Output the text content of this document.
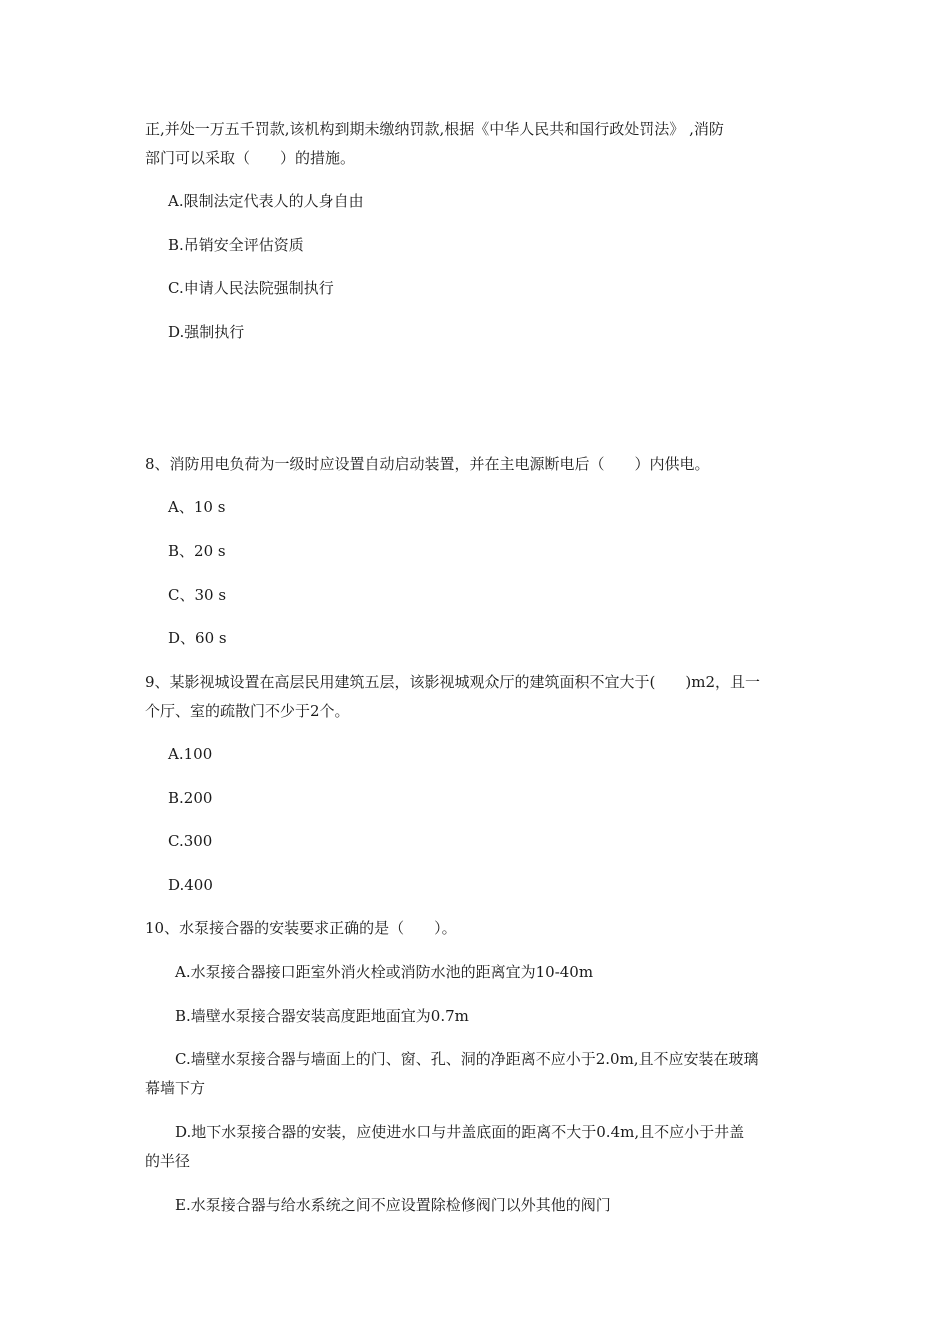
正,并处一万五千罚款,该机构到期未缴纳罚款,根据《中华人民共和国行政处罚法》 ,消防
部门可以采取（　　）的措施。
A.限制法定代表人的人身自由
B.吊销安全评估资质
C.申请人民法院强制执行
D.强制执行
8、消防用电负荷为一级时应设置自动启动装置，并在主电源断电后（　　）内供电。
A、10 s
B、20 s
C、30 s
D、60 s
9、某影视城设置在高层民用建筑五层，该影视城观众厅的建筑面积不宜大于(　　)m2，且一
个厅、室的疏散门不少于2个。
A.100
B.200
C.300
D.400
10、水泵接合器的安装要求正确的是（　　）。
A.水泵接合器接口距室外消火栓或消防水池的距离宜为10-40m
B.墙壁水泵接合器安装高度距地面宜为0.7m
C.墙壁水泵接合器与墙面上的门、窗、孔、洞的净距离不应小于2.0m,且不应安装在玻璃
幕墙下方
D.地下水泵接合器的安装，应使进水口与井盖底面的距离不大于0.4m,且不应小于井盖
的半径
E.水泵接合器与给水系统之间不应设置除检修阀门以外其他的阀门
